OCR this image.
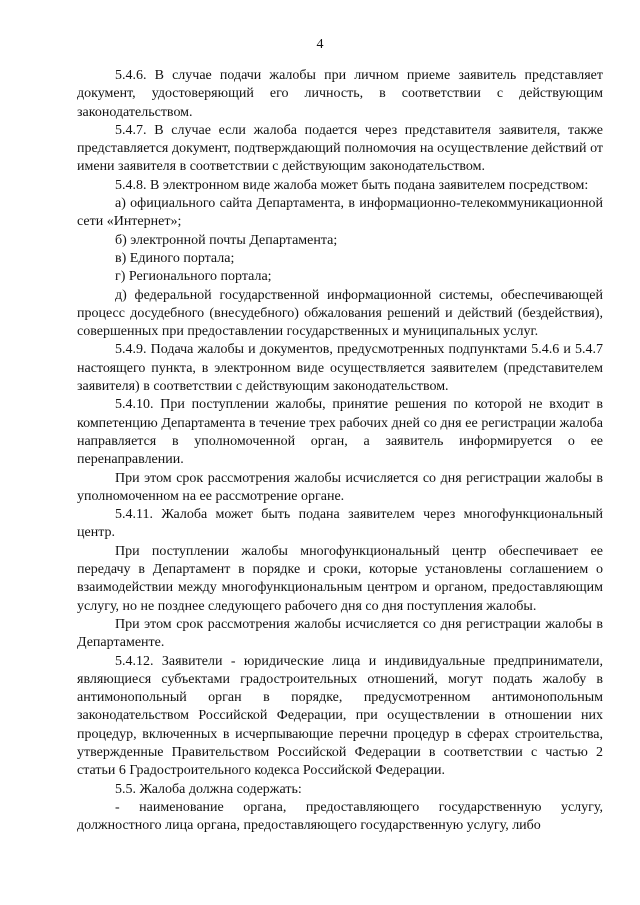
4

5.4.6. В случае подачи жалобы при личном приеме заявитель представляет документ, удостоверяющий его личность, в соответствии с действующим законодательством.

5.4.7. В случае если жалоба подается через представителя заявителя, также представляется документ, подтверждающий полномочия на осуществление действий от имени заявителя в соответствии с действующим законодательством.

5.4.8. В электронном виде жалоба может быть подана заявителем посредством:

а) официального сайта Департамента, в информационно-телекоммуникационной сети «Интернет»;

б) электронной почты Департамента;

в) Единого портала;

г) Регионального портала;

д) федеральной государственной информационной системы, обеспечивающей процесс досудебного (внесудебного) обжалования решений и действий (бездействия), совершенных при предоставлении государственных и муниципальных услуг.

5.4.9. Подача жалобы и документов, предусмотренных подпунктами 5.4.6 и 5.4.7 настоящего пункта, в электронном виде осуществляется заявителем (представителем заявителя) в соответствии с действующим законодательством.

5.4.10. При поступлении жалобы, принятие решения по которой не входит в компетенцию Департамента в течение трех рабочих дней со дня ее регистрации жалоба направляется в уполномоченной орган, а заявитель информируется о ее перенаправлении.

При этом срок рассмотрения жалобы исчисляется со дня регистрации жалобы в уполномоченном на ее рассмотрение органе.

5.4.11. Жалоба может быть подана заявителем через многофункциональный центр.

При поступлении жалобы многофункциональный центр обеспечивает ее передачу в Департамент в порядке и сроки, которые установлены соглашением о взаимодействии между многофункциональным центром и органом, предоставляющим услугу, но не позднее следующего рабочего дня со дня поступления жалобы.

При этом срок рассмотрения жалобы исчисляется со дня регистрации жалобы в Департаменте.

5.4.12. Заявители - юридические лица и индивидуальные предприниматели, являющиеся субъектами градостроительных отношений, могут подать жалобу в антимонопольный орган в порядке, предусмотренном антимонопольным законодательством Российской Федерации, при осуществлении в отношении них процедур, включенных в исчерпывающие перечни процедур в сферах строительства, утвержденные Правительством Российской Федерации в соответствии с частью 2 статьи 6 Градостроительного кодекса Российской Федерации.

5.5. Жалоба должна содержать:

- наименование органа, предоставляющего государственную услугу, должностного лица органа, предоставляющего государственную услугу, либо
